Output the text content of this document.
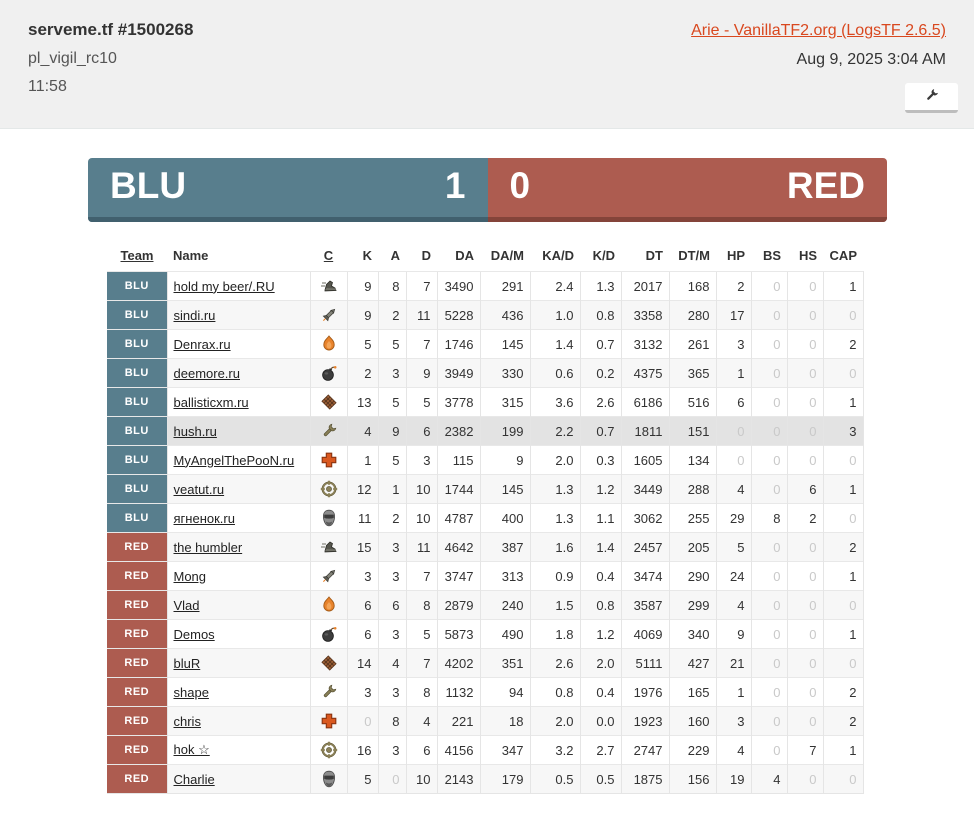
serveme.tf #1500268
pl_vigil_rc10
11:58
Arie - VanillaTF2.org (LogsTF 2.6.5)
Aug 9, 2025 3:04 AM
BLU	1 0	RED
Team	Name	C	K	A	D	DA	DA/M	KA/D	K/D	DT	DT/M	HP	BS	HS	CAP
BLU	hold my beer/.RU		9	8	7	3490	291	2.4	1.3	2017	168	2	0	0	1
BLU	sindi.ru		9	2	11	5228	436	1.0	0.8	3358	280	17	0	0	0
BLU	Denrax.ru		5	5	7	1746	145	1.4	0.7	3132	261	3	0	0	2
BLU	deemore.ru		2	3	9	3949	330	0.6	0.2	4375	365	1	0	0	0
BLU	ballisticxm.ru		13	5	5	3778	315	3.6	2.6	6186	516	6	0	0	1
BLU	hush.ru		4	9	6	2382	199	2.2	0.7	1811	151	0	0	0	3
BLU	MyAngelThePooN.ru		1	5	3	115	9	2.0	0.3	1605	134	0	0	0	0
BLU	veatut.ru		12	1	10	1744	145	1.3	1.2	3449	288	4	0	6	1
BLU	ягненок.ru		11	2	10	4787	400	1.3	1.1	3062	255	29	8	2	0
RED	the humbler		15	3	11	4642	387	1.6	1.4	2457	205	5	0	0	2
RED	Mong		3	3	7	3747	313	0.9	0.4	3474	290	24	0	0	1
RED	Vlad		6	6	8	2879	240	1.5	0.8	3587	299	4	0	0	0
RED	Demos		6	3	5	5873	490	1.8	1.2	4069	340	9	0	0	1
RED	bluR		14	4	7	4202	351	2.6	2.0	5111	427	21	0	0	0
RED	shape		3	3	8	1132	94	0.8	0.4	1976	165	1	0	0	2
RED	chris		0	8	4	221	18	2.0	0.0	1923	160	3	0	0	2
RED	hok ☆		16	3	6	4156	347	3.2	2.7	2747	229	4	0	7	1
RED	Charlie		5	0	10	2143	179	0.5	0.5	1875	156	19	4	0	0
